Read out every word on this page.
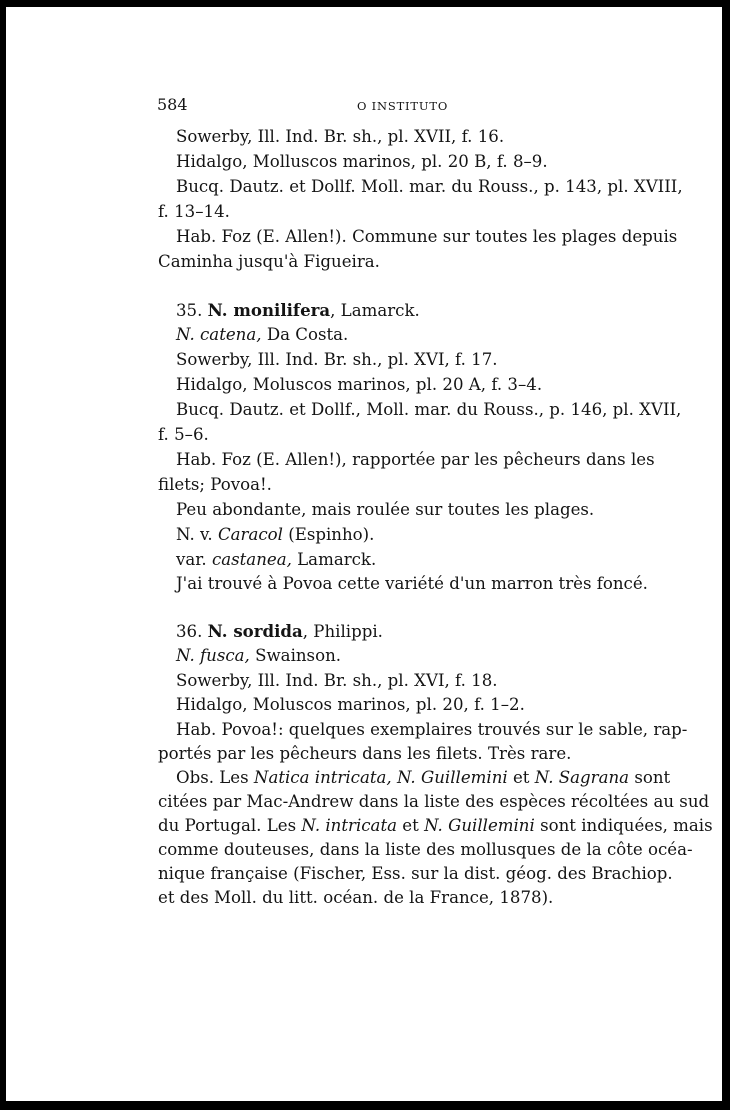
584	O INSTITUTO
Sowerby, Ill. Ind. Br. sh., pl. XVII, f. 16.
Hidalgo, Molluscos marinos, pl. 20 B, f. 8–9.
Bucq. Dautz. et Dollf. Moll. mar. du Rouss., p. 143, pl. XVIII,
f. 13–14.
Hab. Foz (E. Allen!). Commune sur toutes les plages depuis
Caminha jusqu'à Figueira.
35. N. monilifera, Lamarck.
N. catena, Da Costa.
Sowerby, Ill. Ind. Br. sh., pl. XVI, f. 17.
Hidalgo, Moluscos marinos, pl. 20 A, f. 3–4.
Bucq. Dautz. et Dollf., Moll. mar. du Rouss., p. 146, pl. XVII,
f. 5–6.
Hab. Foz (E. Allen!), rapportée par les pêcheurs dans les
filets; Povoa!.
Peu abondante, mais roulée sur toutes les plages.
N. v. Caracol (Espinho).
var. castanea, Lamarck.
J'ai trouvé à Povoa cette variété d'un marron très foncé.
36. N. sordida, Philippi.
N. fusca, Swainson.
Sowerby, Ill. Ind. Br. sh., pl. XVI, f. 18.
Hidalgo, Moluscos marinos, pl. 20, f. 1–2.
Hab. Povoa!: quelques exemplaires trouvés sur le sable, rap-
portés par les pêcheurs dans les filets. Très rare.
Obs. Les Natica intricata, N. Guillemini et N. Sagrana sont
citées par Mac-Andrew dans la liste des espèces récoltées au sud
du Portugal. Les N. intricata et N. Guillemini sont indiquées, mais
comme douteuses, dans la liste des mollusques de la côte océa-
nique française (Fischer, Ess. sur la dist. géog. des Brachiop.
et des Moll. du litt. océan. de la France, 1878).
